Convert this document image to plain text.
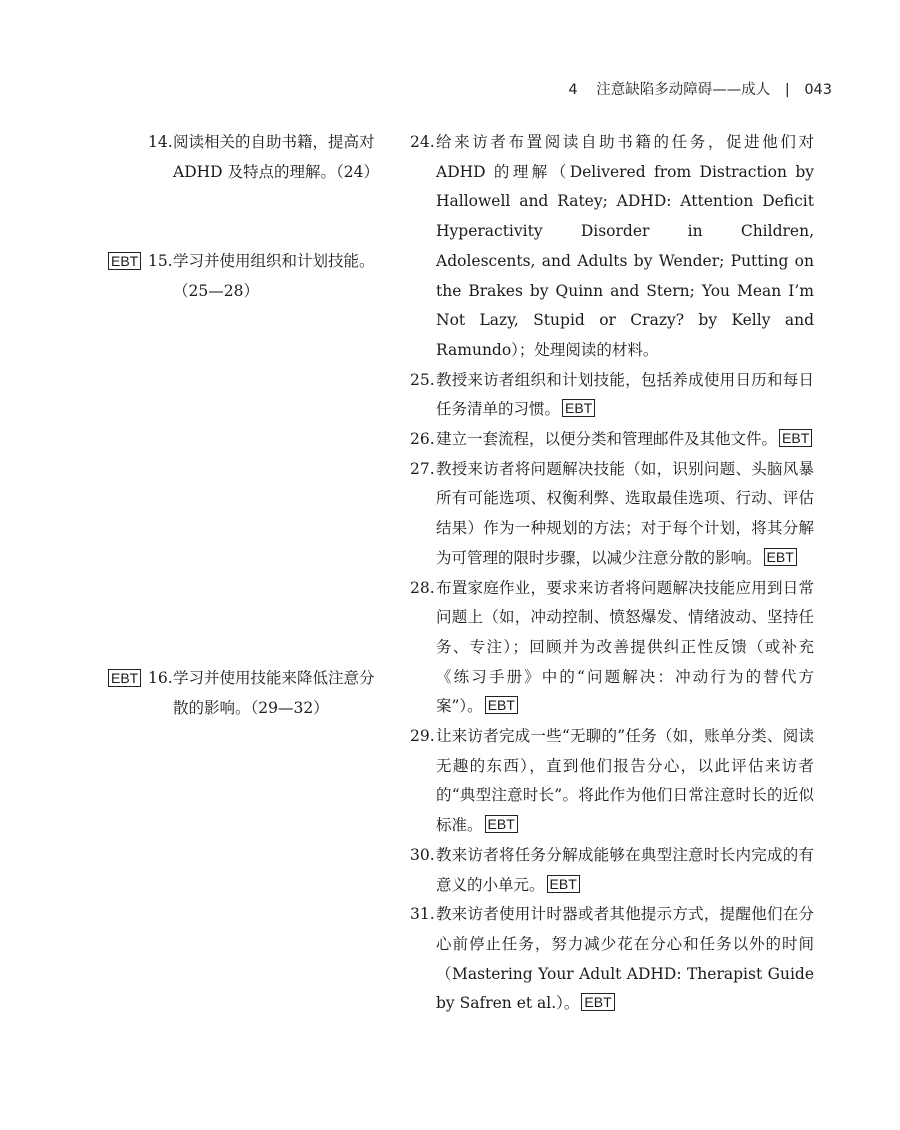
4 注意缺陷多动障碍——成人 | 043
14. 阅读相关的自助书籍，提高对 ADHD 及特点的理解。（24）
EBT 15. 学习并使用组织和计划技能。（25—28）
EBT 16. 学习并使用技能来降低注意分散的影响。（29—32）
24. 给来访者布置阅读自助书籍的任务，促进他们对 ADHD 的理解（Delivered from Distraction by Hallowell and Ratey; ADHD: Attention Deficit Hyperactivity Disorder in Children, Adolescents, and Adults by Wender; Putting on the Brakes by Quinn and Stern; You Mean I’m Not Lazy, Stupid or Crazy? by Kelly and Ramundo）；处理阅读的材料。
25. 教授来访者组织和计划技能，包括养成使用日历和每日任务清单的习惯。 EBT
26. 建立一套流程，以便分类和管理邮件及其他文件。 EBT
27. 教授来访者将问题解决技能（如，识别问题、头脑风暴所有可能选项、权衡利弊、选取最佳选项、行动、评估结果）作为一种规划的方法；对于每个计划，将其分解为可管理的限时步骤，以减少注意分散的影响。 EBT
28. 布置家庭作业，要求来访者将问题解决技能应用到日常问题上（如，冲动控制、愤怒爆发、情绪波动、坚持任务、专注）；回顾并为改善提供纠正性反馈（或补充《练习手册》中的“问题解决：冲动行为的替代方案”）。 EBT
29. 让来访者完成一些“无聊的”任务（如，账单分类、阅读无趣的东西），直到他们报告分心，以此评估来访者的“典型注意时长”。将此作为他们日常注意时长的近似标准。 EBT
30. 教来访者将任务分解成能够在典型注意时长内完成的有意义的小单元。 EBT
31. 教来访者使用计时器或者其他提示方式，提醒他们在分心前停止任务，努力减少花在分心和任务以外的时间（Mastering Your Adult ADHD: Therapist Guide by Safren et al.）。 EBT
